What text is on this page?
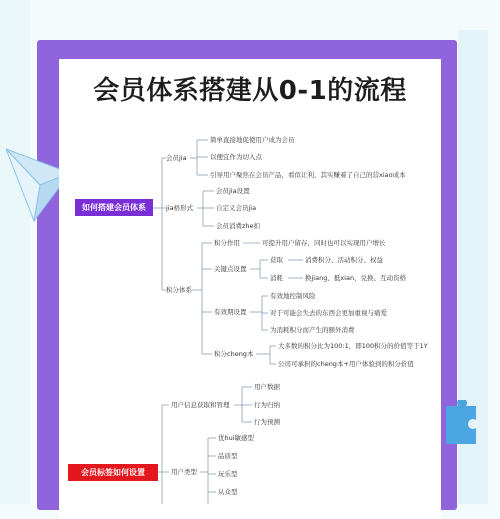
会员体系搭建从0-1的流程
如何搭建会员体系
会员标签如何设置
会员jia
简单直接地促使用户成为会员
以便宜作为切入点
引导用户聚焦在会员产品，看似让利，其实赚着了自己的营xiao成本
jia格形式
会员jia设置
自定义会员jia
会员消费zhe扣
积分体系
积分作用	可提升用户留存，同时也可以实现用户增长
关键点设置
获取	消费积分、活动积分、权益
消耗	换jiang、抵xian、兑换、互动资格
有效期设置
有效地控制风险
对于可能会失去的东西会更加重视与痛爱
为消耗积分而产生的额外消费
积分cheng本
大多数的积分比为100:1，即100积分的价值等于1Y
公司可承担的cheng本+用户体验到的积分价值
用户信息获取和管理
用户数据
行为归纳
行为预测
用户类型
优hui敏感型
品质型
玩乐型
从众型
